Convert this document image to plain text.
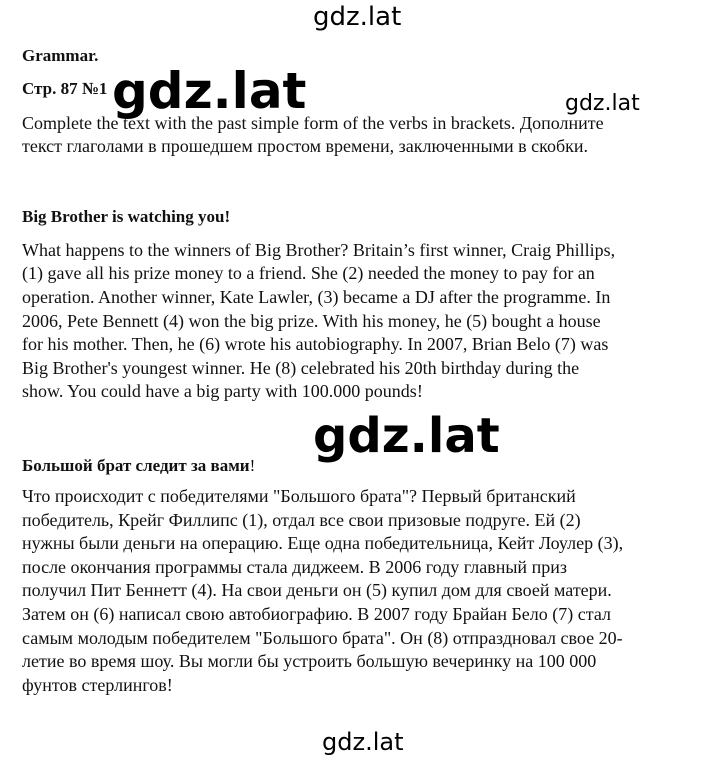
Grammar.
Стр. 87 №1
Complete the text with the past simple form of the verbs in brackets. Дополните
текст глаголами в прошедшем простом времени, заключенными в скобки.
Big Brother is watching you!
What happens to the winners of Big Brother? Britain’s first winner, Craig Phillips,
(1) gave all his prize money to a friend. She (2) needed the money to pay for an
operation. Another winner, Kate Lawler, (3) became a DJ after the programme. In
2006, Pete Bennett (4) won the big prize. With his money, he (5) bought a house
for his mother. Then, he (6) wrote his autobiography. In 2007, Brian Belo (7) was
Big Brother's youngest winner. He (8) celebrated his 20th birthday during the
show. You could have a big party with 100.000 pounds!
Большой брат следит за вами!
Что происходит с победителями "Большого брата"? Первый британский
победитель, Крейг Филлипс (1), отдал все свои призовые подруге. Ей (2)
нужны были деньги на операцию. Еще одна победительница, Кейт Лоулер (3),
после окончания программы стала диджеем. В 2006 году главный приз
получил Пит Беннетт (4). На свои деньги он (5) купил дом для своей матери.
Затем он (6) написал свою автобиографию. В 2007 году Брайан Бело (7) стал
самым молодым победителем "Большого брата". Он (8) отпраздновал свое 20-
летие во время шоу. Вы могли бы устроить большую вечеринку на 100 000
фунтов стерлингов!
gdz.lat
gdz.lat	gdz.lat
gdz.lat
gdz.lat
